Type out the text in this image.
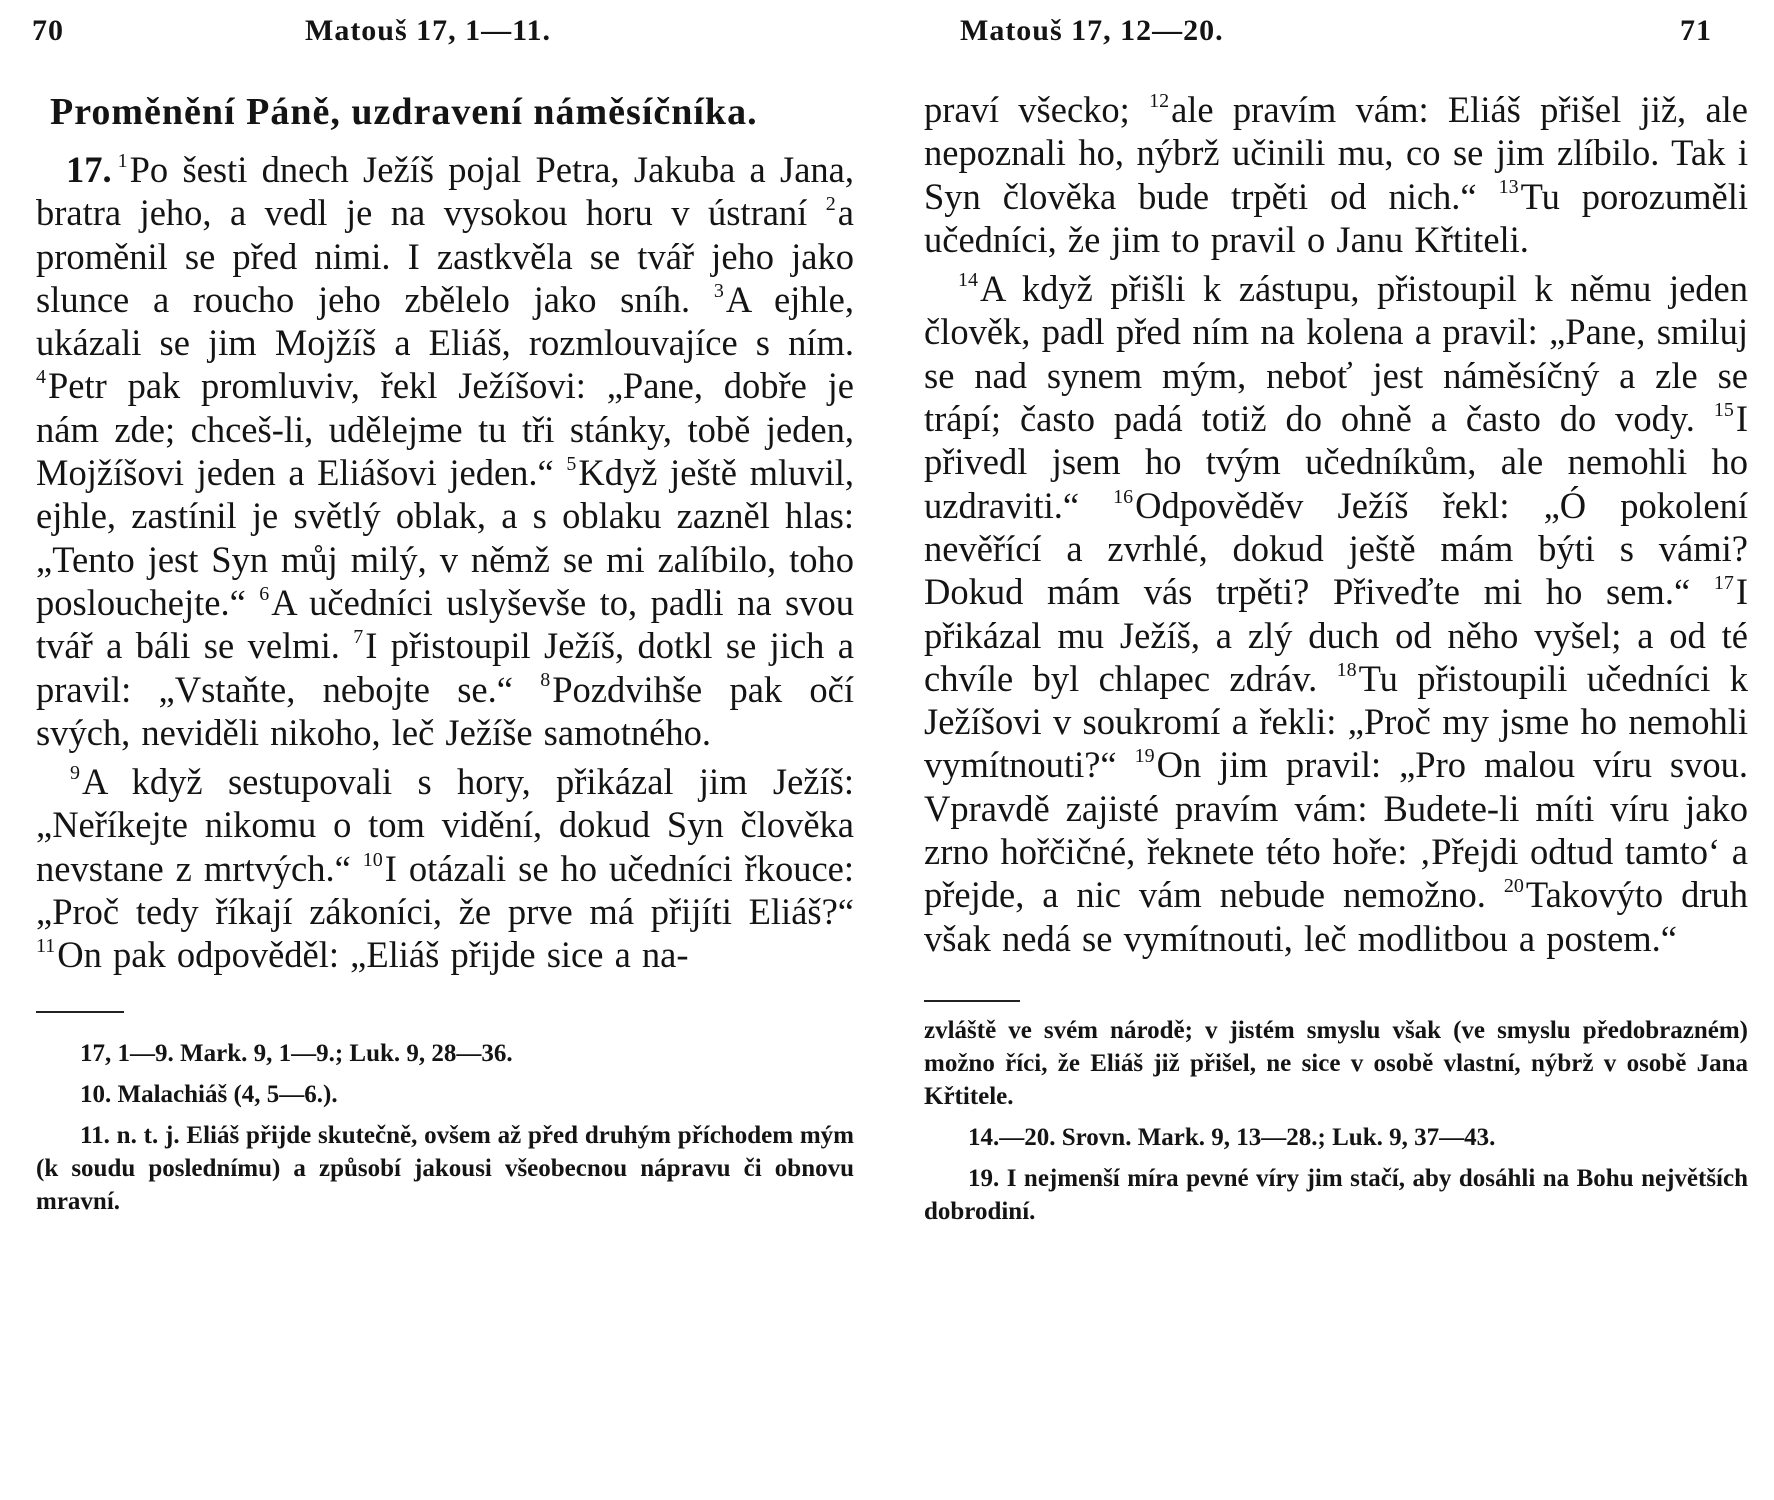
70	Matouš 17, 1—11.
Proměnění Páně, uzdravení náměsíčníka.

17. $^1$Po šesti dnech Ježíš pojal Petra, Jakuba a Jana, bratra jeho, a vedl je na vysokou horu v ústraní $^2$a proměnil se před nimi. I zastkvěla se tvář jeho jako slunce a roucho jeho zbělelo jako sníh. $^3$A ejhle, ukázali se jim Mojžíš a Eliáš, rozmlouvajíce s ním. $^4$Petr pak promluviv, řekl Ježíšovi: „Pane, dobře je nám zde; chceš-li, udělejme tu tři stánky, tobě jeden, Mojžíšovi jeden a Eliášovi jeden.“ $^5$Když ještě mluvil, ejhle, zastínil je světlý oblak, a s oblaku zazněl hlas: „Tento jest Syn můj milý, v němž se mi zalíbilo, toho poslouchejte.“ $^6$A učedníci uslyševše to, padli na svou tvář a báli se velmi. $^7$I přistoupil Ježíš, dotkl se jich a pravil: „Vstaňte, nebojte se.“ $^8$Pozdvihše pak očí svých, neviděli nikoho, leč Ježíše samotného.

$^9$A když sestupovali s hory, přikázal jim Ježíš: „Neříkejte nikomu o tom vidění, dokud Syn člověka nevstane z mrtvých.“ $^{10}$I otázali se ho učedníci řkouce: „Proč tedy říkají zákoníci, že prve má přijíti Eliáš?“ $^{11}$On pak odpověděl: „Eliáš přijde sice a na-

17, 1—9. Mark. 9, 1—9.; Luk. 9, 28—36.

10. Malachiáš (4, 5—6.).

11. n. t. j. Eliáš přijde skutečně, ovšem až před druhým příchodem mým (k soudu poslednímu) a způsobí jakousi všeobecnou nápravu či obnovu mravní.

Matouš 17, 12—20.	71

praví všecko; $^{12}$ale pravím vám: Eliáš přišel již, ale nepoznali ho, nýbrž učinili mu, co se jim zlíbilo. Tak i Syn člověka bude trpěti od nich.“ $^{13}$Tu porozuměli učedníci, že jim to pravil o Janu Křtiteli.

$^{14}$A když přišli k zástupu, přistoupil k němu jeden člověk, padl před ním na kolena a pravil: „Pane, smiluj se nad synem mým, neboť jest náměsíčný a zle se trápí; často padá totiž do ohně a často do vody. $^{15}$I přivedl jsem ho tvým učedníkům, ale nemohli ho uzdraviti.“ $^{16}$Odpověděv Ježíš řekl: „Ó pokolení nevěřící a zvrhlé, dokud ještě mám býti s vámi? Dokud mám vás trpěti? Přiveďte mi ho sem.“ $^{17}$I přikázal mu Ježíš, a zlý duch od něho vyšel; a od té chvíle byl chlapec zdráv. $^{18}$Tu přistoupili učedníci k Ježíšovi v soukromí a řekli: „Proč my jsme ho nemohli vymítnouti?“ $^{19}$On jim pravil: „Pro malou víru svou. Vpravdě zajisté pravím vám: Budete-li míti víru jako zrno hořčičné, řeknete této hoře: ‚Přejdi odtud tamto‘ a přejde, a nic vám nebude nemožno. $^{20}$Takovýto druh však nedá se vymítnouti, leč modlitbou a postem.“

zvláště ve svém národě; v jistém smyslu však (ve smyslu předobrazném) možno říci, že Eliáš již přišel, ne sice v osobě vlastní, nýbrž v osobě Jana Křtitele.

14.—20. Srovn. Mark. 9, 13—28.; Luk. 9, 37—43.

19. I nejmenší míra pevné víry jim stačí, aby dosáhli na Bohu největších dobrodiní.
